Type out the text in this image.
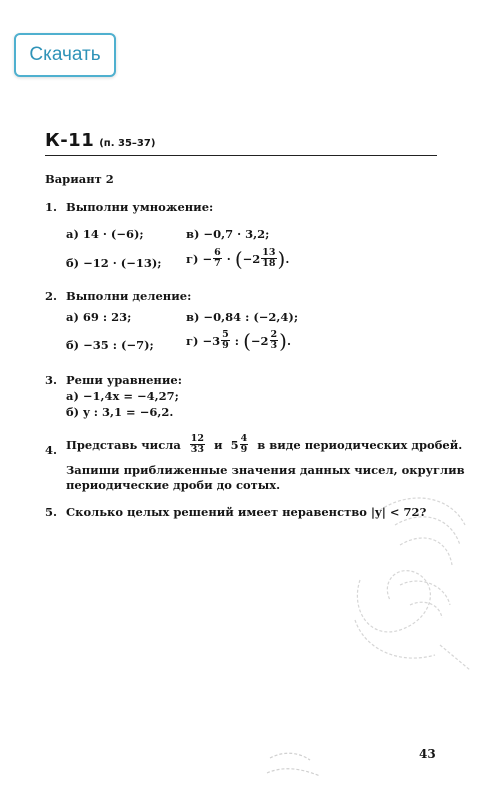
Скачать
К-11 (п. 35–37)
Вариант 2
1. Выполни умножение:
а) 14 · (−6);	в) −0,7 · 3,2;
б) −12 · (−13); г)
− $\frac{6}{7}$
·
( $-2 \frac{13}{18}$ ) .
2. Выполни деление:
а) 69 : 23;	в) −0,84 : (−2,4);
б) −35 : (−7);	г)
$-3 \frac{5}{9}$
:
( $-2 \frac{2}{3}$ ) .
3. Реши уравнение:
а) −1,4x = −4,27;
б) y : 3,1 = −6,2.
4. Представь числа
$\frac{12}{33}$
и
$5 \frac{4}{9}$
в виде периодических дробей.
Запиши приближенные значения данных чисел, округлив
периодические дроби до сотых.
5. Сколько целых решений имеет неравенство |y| < 72?
43
